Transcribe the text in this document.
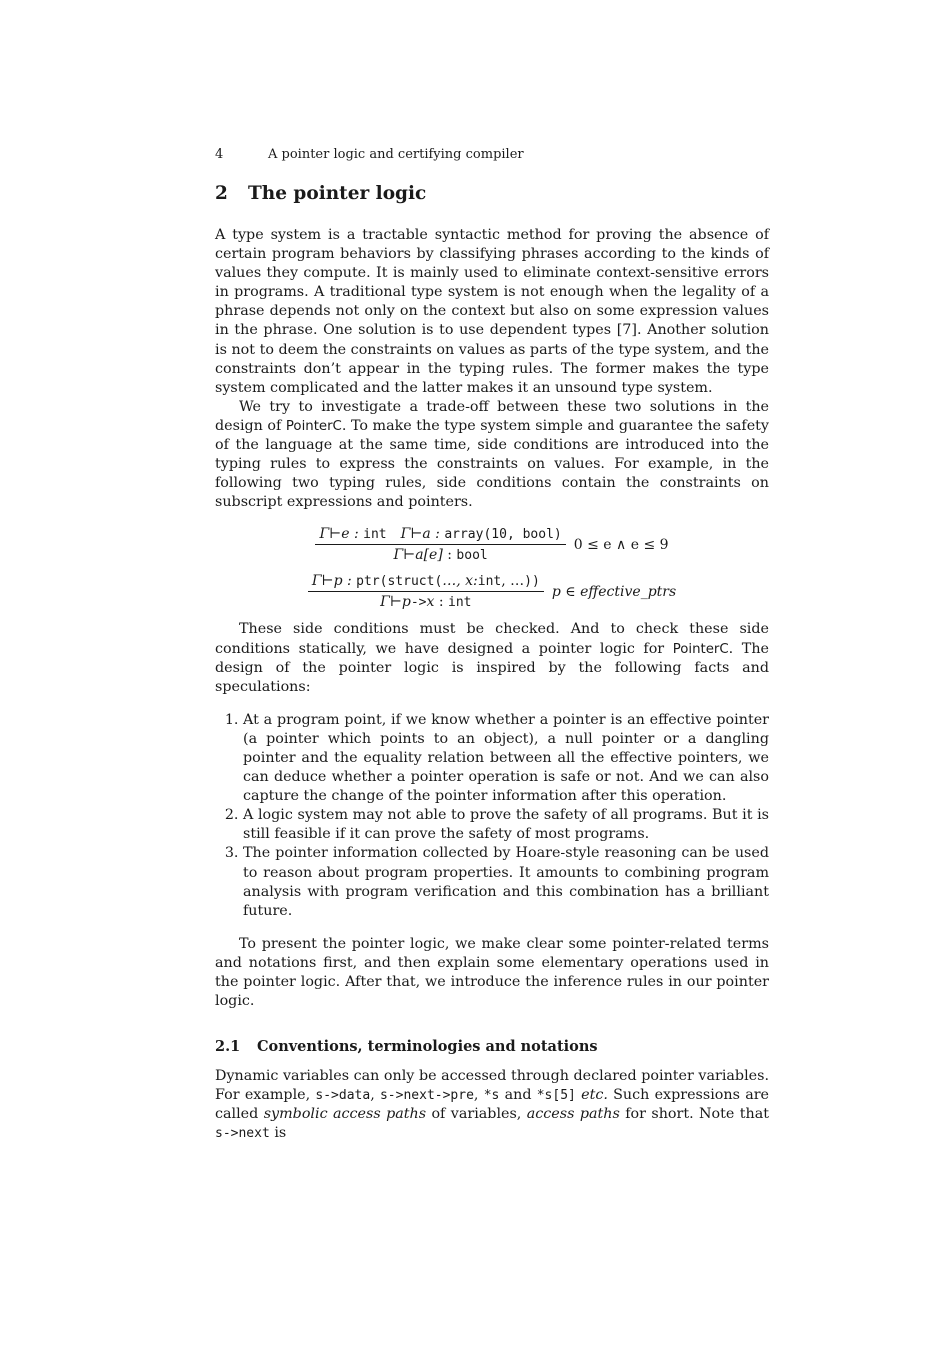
4	A pointer logic and certifying compiler
2	The pointer logic

A type system is a tractable syntactic method for proving the absence of certain program behaviors by classifying phrases according to the kinds of values they compute. It is mainly used to eliminate context-sensitive errors in programs. A traditional type system is not enough when the legality of a phrase depends not only on the context but also on some expression values in the phrase. One solution is to use dependent types [7]. Another solution is not to deem the constraints on values as parts of the type system, and the constraints don’t appear in the typing rules. The former makes the type system complicated and the latter makes it an unsound type system.

We try to investigate a trade-off between these two solutions in the design of PointerC. To make the type system simple and guarantee the safety of the language at the same time, side conditions are introduced into the typing rules to express the constraints on values. For example, in the following two typing rules, side conditions contain the constraints on subscript expressions and pointers.

$\frac{\text{Γ⊢e : int Γ⊢a : array(10, bool)}}{\text{Γ⊢a[e] : bool}} 0 \le e$ ∧ e ≤ 9
$\frac{\text{Γ⊢p : ptr(struct(…, x:int, …))}}{\text{Γ⊢p->x : int}}$ p ∈ effective_ptrs

These side conditions must be checked. And to check these side conditions statically, we have designed a pointer logic for PointerC. The design of the pointer logic is inspired by the following facts and speculations:

1. At a program point, if we know whether a pointer is an effective pointer (a pointer which points to an object), a null pointer or a dangling pointer and the equality relation between all the effective pointers, we can deduce whether a pointer operation is safe or not. And we can also capture the change of the pointer information after this operation.
2. A logic system may not able to prove the safety of all programs. But it is still feasible if it can prove the safety of most programs.
3. The pointer information collected by Hoare-style reasoning can be used to reason about program properties. It amounts to combining program analysis with program verification and this combination has a brilliant future.

To present the pointer logic, we make clear some pointer-related terms and notations first, and then explain some elementary operations used in the pointer logic. After that, we introduce the inference rules in our pointer logic.

2.1	Conventions, terminologies and notations

Dynamic variables can only be accessed through declared pointer variables. For example, s->data, s->next->pre, *s and *s[5] etc. Such expressions are called symbolic access paths of variables, access paths for short. Note that s->next is
